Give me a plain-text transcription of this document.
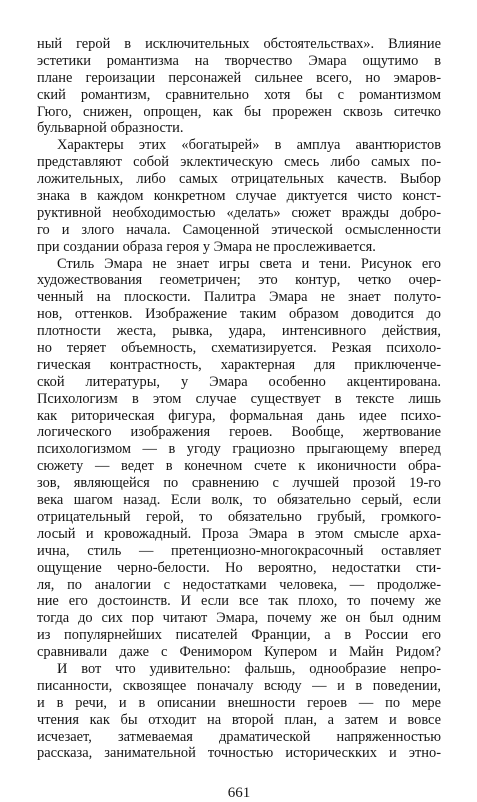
ный герой в исключительных обстоятельствах». Влияние
эстетики романтизма на творчество Эмара ощутимо в
плане героизации персонажей сильнее всего, но эмаров-
ский романтизм, сравнительно хотя бы с романтизмом
Гюго, снижен, опрощен, как бы прорежен сквозь ситечко
бульварной образности.
Характеры этих «богатырей» в амплуа авантюристов
представляют собой эклектическую смесь либо самых по-
ложительных, либо самых отрицательных качеств. Выбор
знака в каждом конкретном случае диктуется чисто конст-
руктивной необходимостью «делать» сюжет вражды добро-
го и злого начала. Самоценной этической осмысленности
при создании образа героя у Эмара не прослеживается.
Стиль Эмара не знает игры света и тени. Рисунок его
художествования геометричен; это контур, четко очер-
ченный на плоскости. Палитра Эмара не знает полуто-
нов, оттенков. Изображение таким образом доводится до
плотности жеста, рывка, удара, интенсивного действия,
но теряет объемность, схематизируется. Резкая психоло-
гическая контрастность, характерная для приключенче-
ской литературы, у Эмара особенно акцентирована.
Психологизм в этом случае существует в тексте лишь
как риторическая фигура, формальная дань идее психо-
логического изображения героев. Вообще, жертвование
психологизмом — в угоду грациозно прыгающему вперед
сюжету — ведет в конечном счете к иконичности обра-
зов, являющейся по сравнению с лучшей прозой 19-го
века шагом назад. Если волк, то обязательно серый, если
отрицательный герой, то обязательно грубый, громкого-
лосый и кровожадный. Проза Эмара в этом смысле арха-
ична, стиль — претенциозно-многокрасочный оставляет
ощущение черно-белости. Но вероятно, недостатки сти-
ля, по аналогии с недостатками человека, — продолже-
ние его достоинств. И если все так плохо, то почему же
тогда до сих пор читают Эмара, почему же он был одним
из популярнейших писателей Франции, а в России его
сравнивали даже с Фенимором Купером и Майн Ридом?
И вот что удивительно: фальшь, однообразие непро-
писанности, сквозящее поначалу всюду — и в поведении,
и в речи, и в описании внешности героев — по мере
чтения как бы отходит на второй план, а затем и вовсе
исчезает, затмеваемая драматической напряженностью
рассказа, занимательной точностью историческких и этно-
661
